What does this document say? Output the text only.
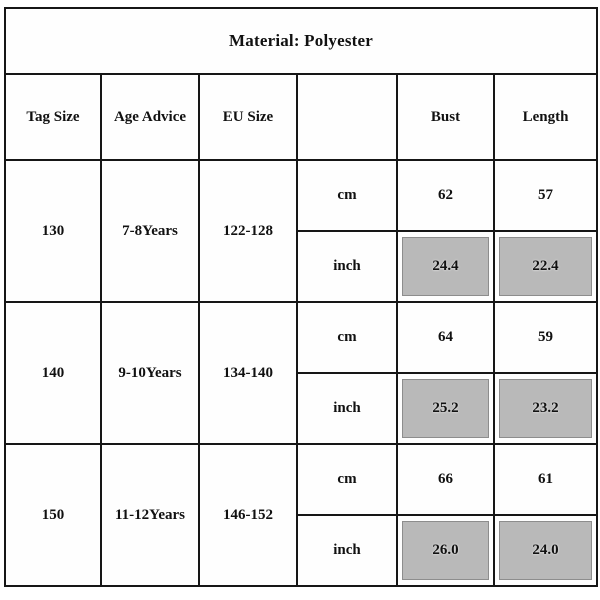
Material: Polyester					
Tag Size	Age Advice	EU Size		Bust	Length
130	7-8Years	122-128	cm	62	57
			inch	24.4	22.4

140	9-10Years	134-140	cm	64	59
			inch	25.2	23.2

150	11-12Years	146-152	cm	66	61
			inch	26.0	24.0
